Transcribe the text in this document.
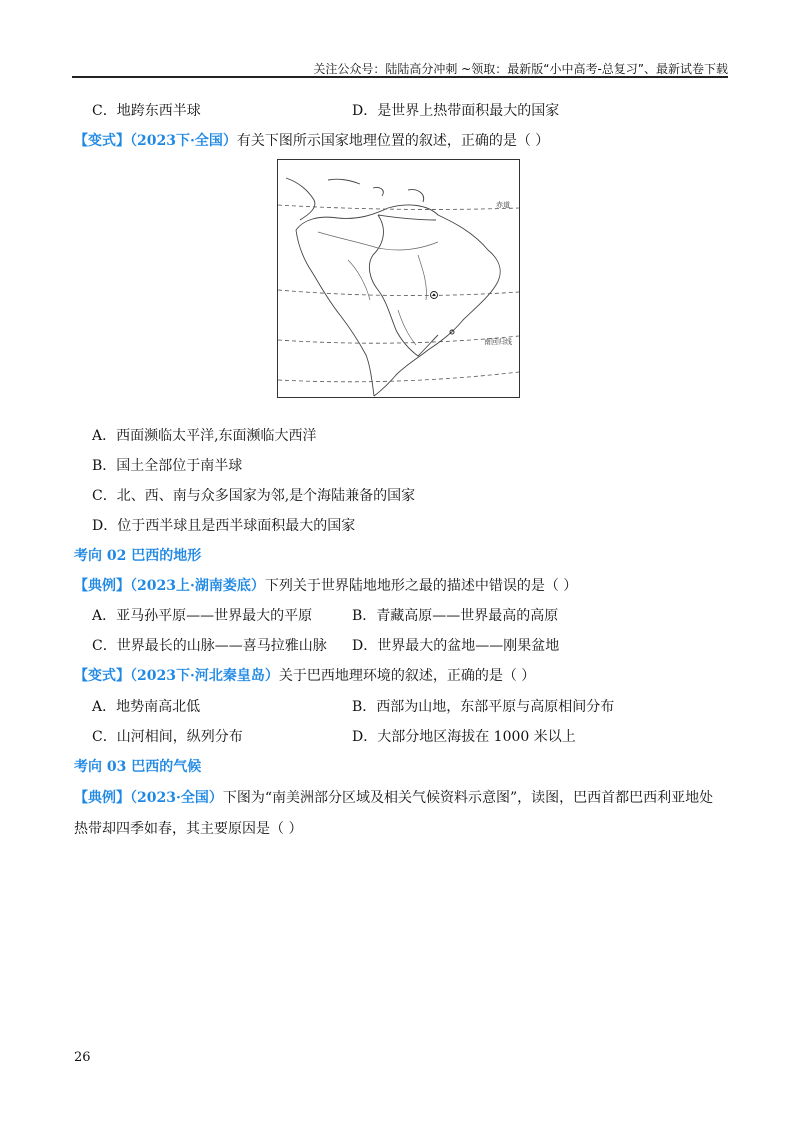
关注公众号：陆陆高分冲刺 ~领取：最新版“小中高考-总复习”、最新试卷下载
C．地跨东西半球	D．是世界上热带面积最大的国家
【变式】（2023下·全国）有关下图所示国家地理位置的叙述，正确的是（ ）
赤道
南回归线
A．西面濒临太平洋,东面濒临大西洋
B．国土全部位于南半球
C．北、西、南与众多国家为邻,是个海陆兼备的国家
D．位于西半球且是西半球面积最大的国家
考向 02 巴西的地形
【典例】（2023上·湖南娄底）下列关于世界陆地地形之最的描述中错误的是（ ）
A．亚马孙平原——世界最大的平原	B．青藏高原——世界最高的高原
C．世界最长的山脉——喜马拉雅山脉 D．世界最大的盆地——刚果盆地
【变式】（2023下·河北秦皇岛）关于巴西地理环境的叙述，正确的是（ ）
A．地势南高北低	B．西部为山地，东部平原与高原相间分布
C．山河相间，纵列分布	D．大部分地区海拔在 1000 米以上
考向 03 巴西的气候
【典例】（2023·全国）下图为“南美洲部分区域及相关气候资料示意图”，读图，巴西首都巴西利亚地处
热带却四季如春，其主要原因是（ ）
26
